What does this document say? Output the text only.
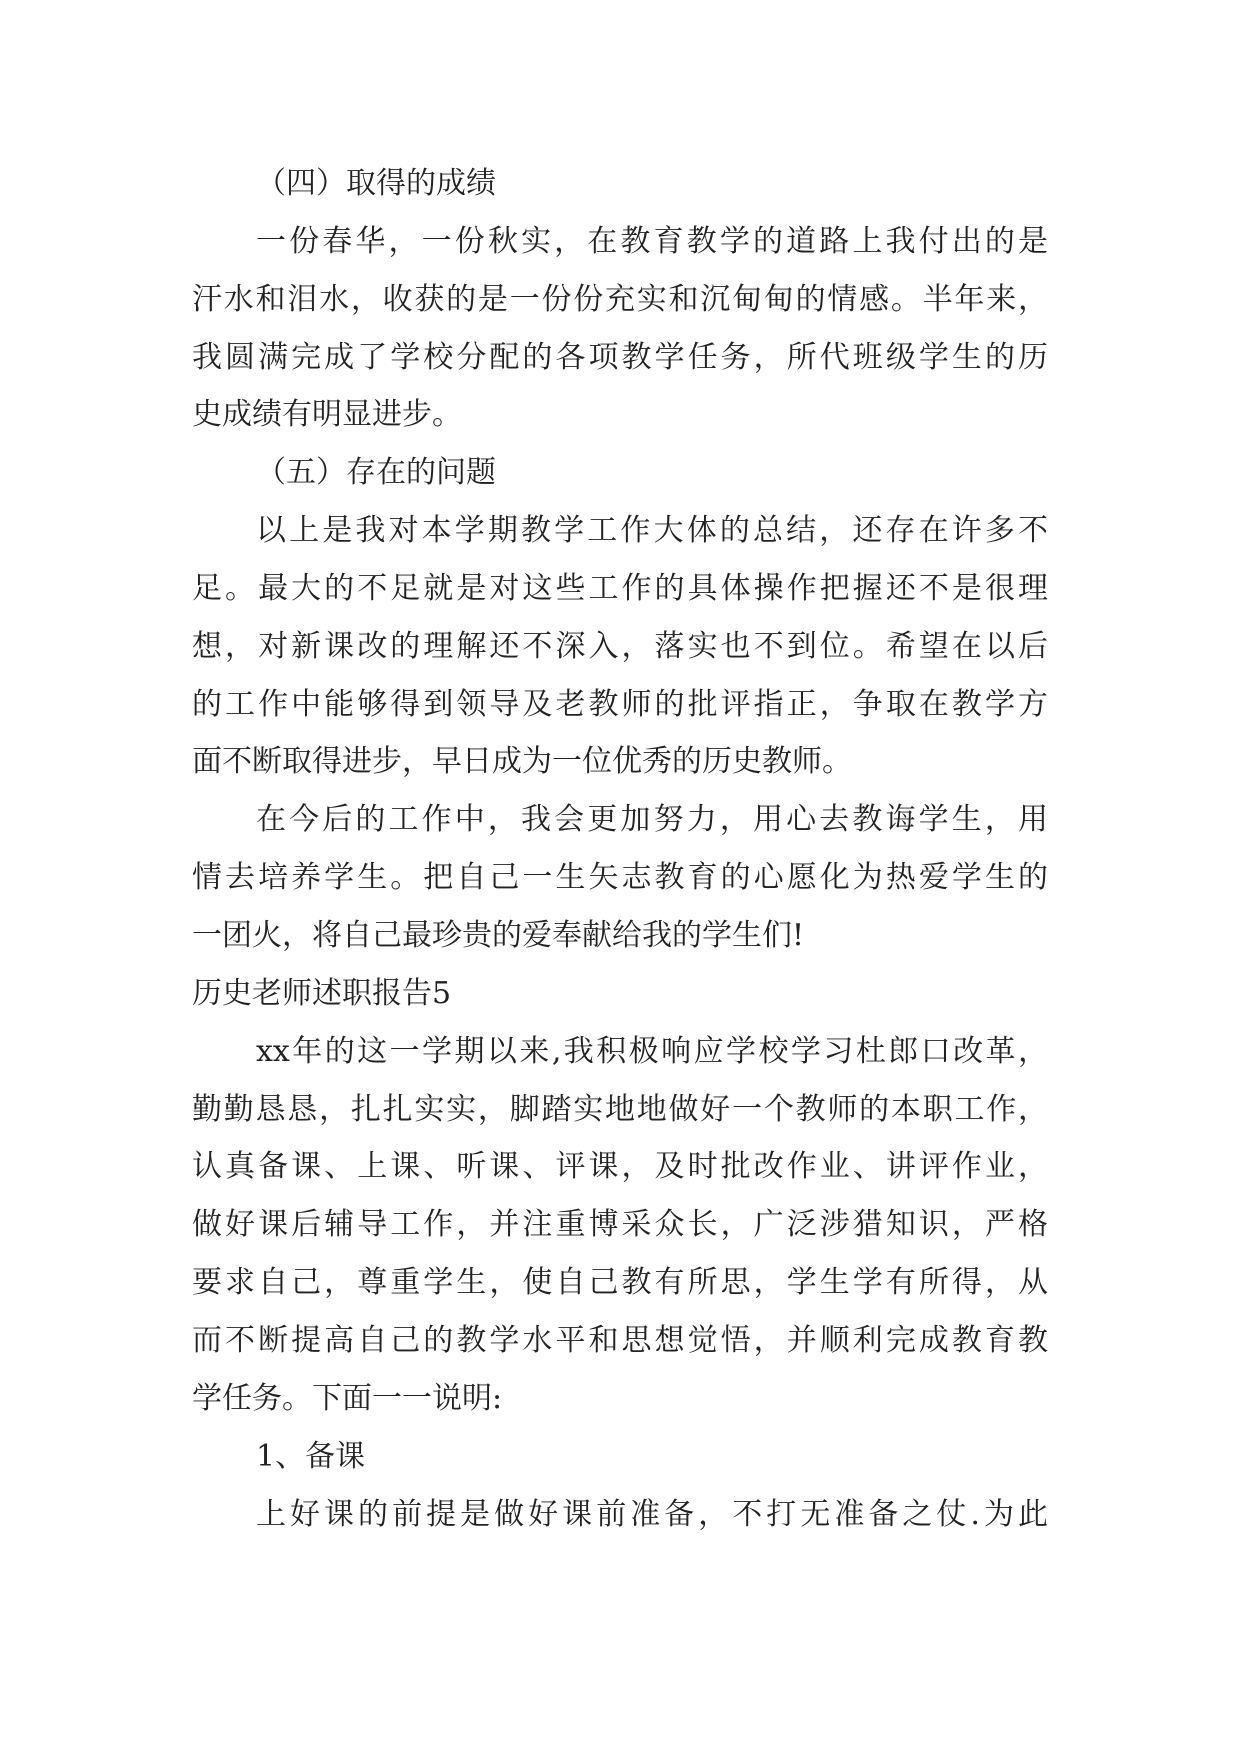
（四）取得的成绩
一份春华，一份秋实，在教育教学的道路上我付出的是
汗水和泪水，收获的是一份份充实和沉甸甸的情感。半年来，
我圆满完成了学校分配的各项教学任务，所代班级学生的历
史成绩有明显进步。
（五）存在的问题
以上是我对本学期教学工作大体的总结，还存在许多不
足。最大的不足就是对这些工作的具体操作把握还不是很理
想，对新课改的理解还不深入，落实也不到位。希望在以后
的工作中能够得到领导及老教师的批评指正，争取在教学方
面不断取得进步，早日成为一位优秀的历史教师。
在今后的工作中，我会更加努力，用心去教诲学生，用
情去培养学生。把自己一生矢志教育的心愿化为热爱学生的
一团火，将自己最珍贵的爱奉献给我的学生们!
历史老师述职报告5
xx年的这一学期以来,我积极响应学校学习杜郎口改革，
勤勤恳恳，扎扎实实，脚踏实地地做好一个教师的本职工作，
认真备课、上课、听课、评课，及时批改作业、讲评作业，
做好课后辅导工作，并注重博采众长，广泛涉猎知识，严格
要求自己，尊重学生，使自己教有所思，学生学有所得，从
而不断提高自己的教学水平和思想觉悟，并顺利完成教育教
学任务。下面一一说明:
1、备课
上好课的前提是做好课前准备，不打无准备之仗.为此
